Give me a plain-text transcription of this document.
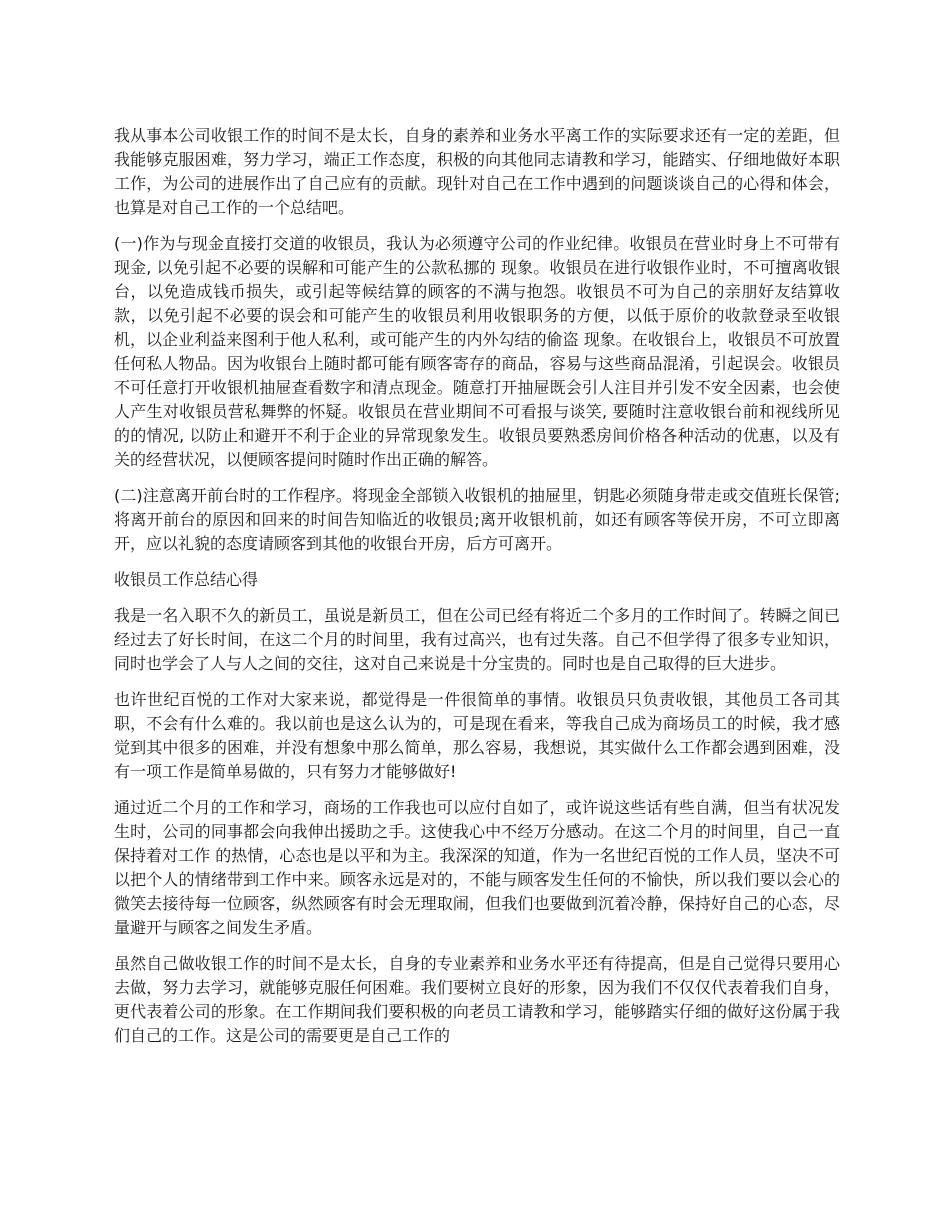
我从事本公司收银工作的时间不是太长，自身的素养和业务水平离工作的实际要求还有一定的差距，但我能够克服困难，努力学习，端正工作态度，积极的向其他同志请教和学习，能踏实、仔细地做好本职工作，为公司的进展作出了自己应有的贡献。现针对自己在工作中遇到的问题谈谈自己的心得和体会，也算是对自己工作的一个总结吧。

(一)作为与现金直接打交道的收银员，我认为必须遵守公司的作业纪律。收银员在营业时身上不可带有现金, 以免引起不必要的误解和可能产生的公款私挪的 现象。收银员在进行收银作业时，不可擅离收银台，以免造成钱币损失，或引起等候结算的顾客的不满与抱怨。收银员不可为自己的亲朋好友结算收款，以免引起不必要的误会和可能产生的收银员利用收银职务的方便，以低于原价的收款登录至收银机，以企业利益来图利于他人私利，或可能产生的内外勾结的偷盗 现象。在收银台上，收银员不可放置任何私人物品。因为收银台上随时都可能有顾客寄存的商品，容易与这些商品混淆，引起误会。收银员不可任意打开收银机抽屉查看数字和清点现金。随意打开抽屉既会引人注目并引发不安全因素，也会使人产生对收银员营私舞弊的怀疑。收银员在营业期间不可看报与谈笑, 要随时注意收银台前和视线所见的的情况, 以防止和避开不利于企业的异常现象发生。收银员要熟悉房间价格各种活动的优惠，以及有关的经营状况，以便顾客提问时随时作出正确的解答。

(二)注意离开前台时的工作程序。将现金全部锁入收银机的抽屉里，钥匙必须随身带走或交值班长保管;将离开前台的原因和回来的时间告知临近的收银员;离开收银机前，如还有顾客等侯开房，不可立即离开，应以礼貌的态度请顾客到其他的收银台开房，后方可离开。

收银员工作总结心得

我是一名入职不久的新员工，虽说是新员工，但在公司已经有将近二个多月的工作时间了。转瞬之间已经过去了好长时间，在这二个月的时间里，我有过高兴，也有过失落。自己不但学得了很多专业知识，同时也学会了人与人之间的交往，这对自己来说是十分宝贵的。同时也是自己取得的巨大进步。

也许世纪百悦的工作对大家来说，都觉得是一件很简单的事情。收银员只负责收银，其他员工各司其职，不会有什么难的。我以前也是这么认为的，可是现在看来，等我自己成为商场员工的时候，我才感觉到其中很多的困难，并没有想象中那么简单，那么容易，我想说，其实做什么工作都会遇到困难，没有一项工作是简单易做的，只有努力才能够做好!

通过近二个月的工作和学习，商场的工作我也可以应付自如了，或许说这些话有些自满，但当有状况发生时，公司的同事都会向我伸出援助之手。这使我心中不经万分感动。在这二个月的时间里，自己一直保持着对工作 的热情，心态也是以平和为主。我深深的知道，作为一名世纪百悦的工作人员，坚决不可以把个人的情绪带到工作中来。顾客永远是对的，不能与顾客发生任何的不愉快，所以我们要以会心的微笑去接待每一位顾客，纵然顾客有时会无理取闹，但我们也要做到沉着冷静，保持好自己的心态，尽量避开与顾客之间发生矛盾。

虽然自己做收银工作的时间不是太长，自身的专业素养和业务水平还有待提高，但是自己觉得只要用心去做，努力去学习，就能够克服任何困难。我们要树立良好的形象，因为我们不仅仅代表着我们自身，更代表着公司的形象。在工作期间我们要积极的向老员工请教和学习，能够踏实仔细的做好这份属于我们自己的工作。这是公司的需要更是自己工作的
